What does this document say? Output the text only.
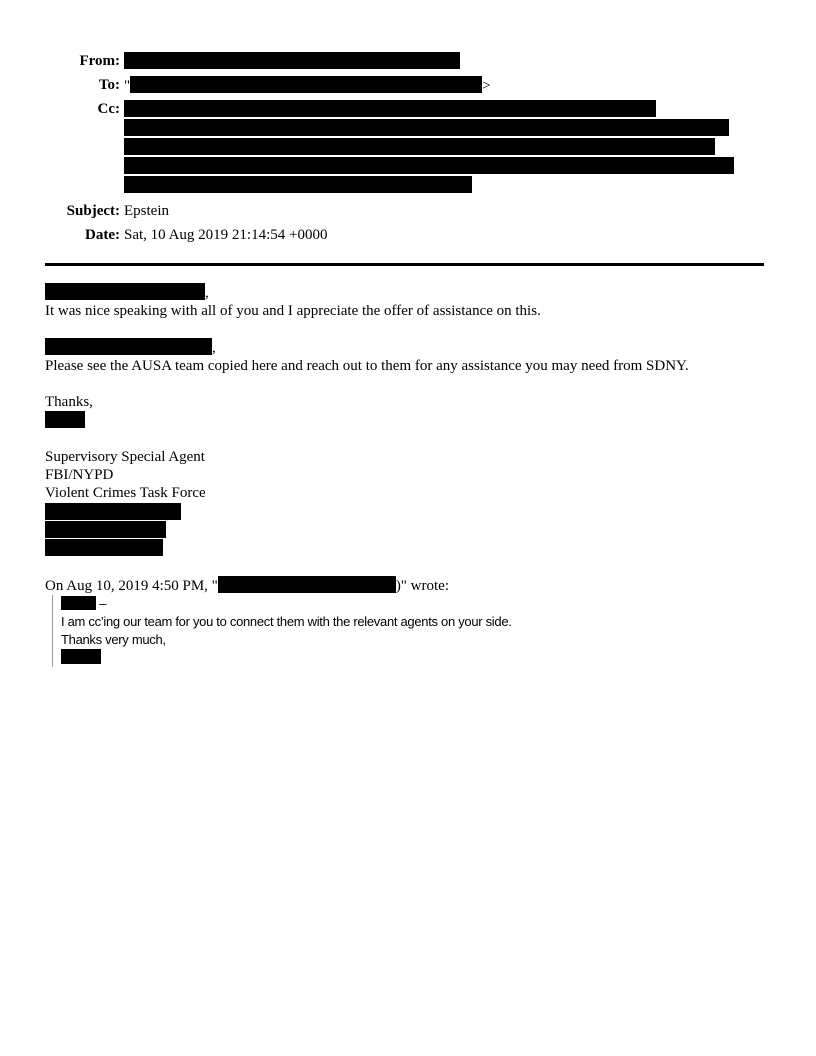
From:
To: "	>
Cc:
Subject: Epstein
Date: Sat, 10 Aug 2019 21:14:54 +0000
,
It was nice speaking with all of you and I appreciate the offer of assistance on this.
,
Please see the AUSA team copied here and reach out to them for any assistance you may need from SDNY.
Thanks,
Supervisory Special Agent
FBI/NYPD
Violent Crimes Task Force
On Aug 10, 2019 4:50 PM, "	)" wrote:
–
I am cc’ing our team for you to connect them with the relevant agents on your side.
Thanks very much,
